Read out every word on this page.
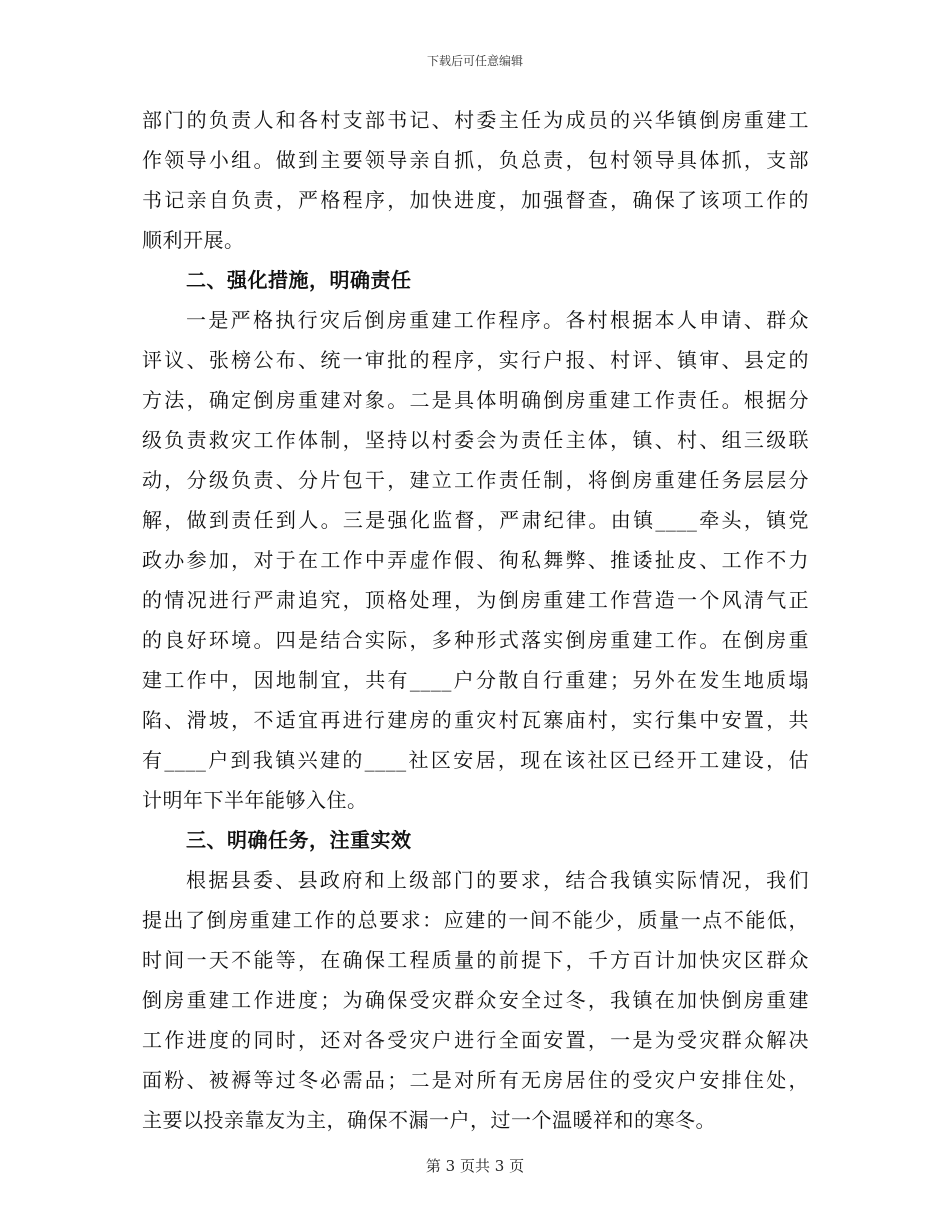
下载后可任意编辑
部门的负责人和各村支部书记、村委主任为成员的兴华镇倒房重建工
作领导小组。做到主要领导亲自抓，负总责，包村领导具体抓，支部
书记亲自负责，严格程序，加快进度，加强督查，确保了该项工作的
顺利开展。
二、强化措施，明确责任
一是严格执行灾后倒房重建工作程序。各村根据本人申请、群众
评议、张榜公布、统一审批的程序，实行户报、村评、镇审、县定的
方法，确定倒房重建对象。二是具体明确倒房重建工作责任。根据分
级负责救灾工作体制，坚持以村委会为责任主体，镇、村、组三级联
动，分级负责、分片包干，建立工作责任制，将倒房重建任务层层分
解，做到责任到人。三是强化监督，严肃纪律。由镇____牵头，镇党
政办参加，对于在工作中弄虚作假、徇私舞弊、推诿扯皮、工作不力
的情况进行严肃追究，顶格处理，为倒房重建工作营造一个风清气正
的良好环境。四是结合实际，多种形式落实倒房重建工作。在倒房重
建工作中，因地制宜，共有____户分散自行重建；另外在发生地质塌
陷、滑坡，不适宜再进行建房的重灾村瓦寨庙村，实行集中安置，共
有____户到我镇兴建的____社区安居，现在该社区已经开工建设，估
计明年下半年能够入住。
三、明确任务，注重实效
根据县委、县政府和上级部门的要求，结合我镇实际情况，我们
提出了倒房重建工作的总要求：应建的一间不能少，质量一点不能低，
时间一天不能等，在确保工程质量的前提下，千方百计加快灾区群众
倒房重建工作进度；为确保受灾群众安全过冬，我镇在加快倒房重建
工作进度的同时，还对各受灾户进行全面安置，一是为受灾群众解决
面粉、被褥等过冬必需品；二是对所有无房居住的受灾户安排住处，
主要以投亲靠友为主，确保不漏一户，过一个温暖祥和的寒冬。
第 3 页共 3 页
